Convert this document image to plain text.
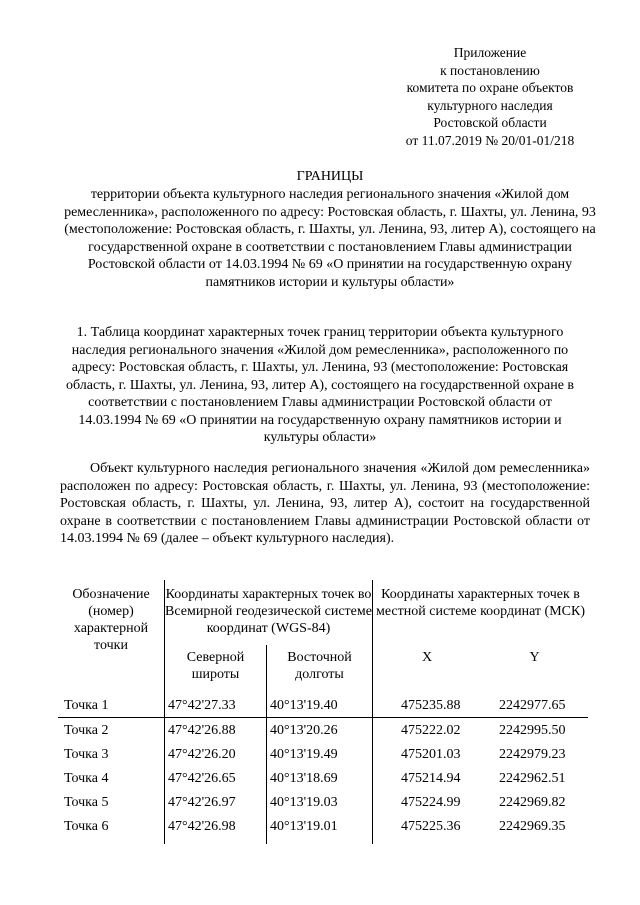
Приложение
к постановлению
комитета по охране объектов
культурного наследия
Ростовской области
от 11.07.2019 № 20/01-01/218
ГРАНИЦЫ
территории объекта культурного наследия регионального значения «Жилой дом ремесленника», расположенного по адресу: Ростовская область, г. Шахты, ул. Ленина, 93 (местоположение: Ростовская область, г. Шахты, ул. Ленина, 93, литер А), состоящего на государственной охране в соответствии с постановлением Главы администрации Ростовской области от 14.03.1994 № 69 «О принятии на государственную охрану памятников истории и культуры области»
1. Таблица координат характерных точек границ территории объекта культурного наследия регионального значения «Жилой дом ремесленника», расположенного по адресу: Ростовская область, г. Шахты, ул. Ленина, 93 (местоположение: Ростовская область, г. Шахты, ул. Ленина, 93, литер А), состоящего на государственной охране в соответствии с постановлением Главы администрации Ростовской области от 14.03.1994 № 69 «О принятии на государственную охрану памятников истории и культуры области»
Объект культурного наследия регионального значения «Жилой дом ремесленника» расположен по адресу: Ростовская область, г. Шахты, ул. Ленина, 93 (местоположение: Ростовская область, г. Шахты, ул. Ленина, 93, литер А), состоит на государственной охране в соответствии с постановлением Главы администрации Ростовской области от 14.03.1994 № 69 (далее – объект культурного наследия).
Обозначение (номер) характерной точки	Координаты характерных точек во Всемирной геодезической системе координат (WGS-84)		Координаты характерных точек в местной системе координат (МСК)	
	Северной широты	Восточной долготы	X	Y
Точка 1	47°42'27.33	40°13'19.40	475235.88	2242977.65
Точка 2	47°42'26.88	40°13'20.26	475222.02	2242995.50
Точка 3	47°42'26.20	40°13'19.49	475201.03	2242979.23
Точка 4	47°42'26.65	40°13'18.69	475214.94	2242962.51
Точка 5	47°42'26.97	40°13'19.03	475224.99	2242969.82
Точка 6	47°42'26.98	40°13'19.01	475225.36	2242969.35
